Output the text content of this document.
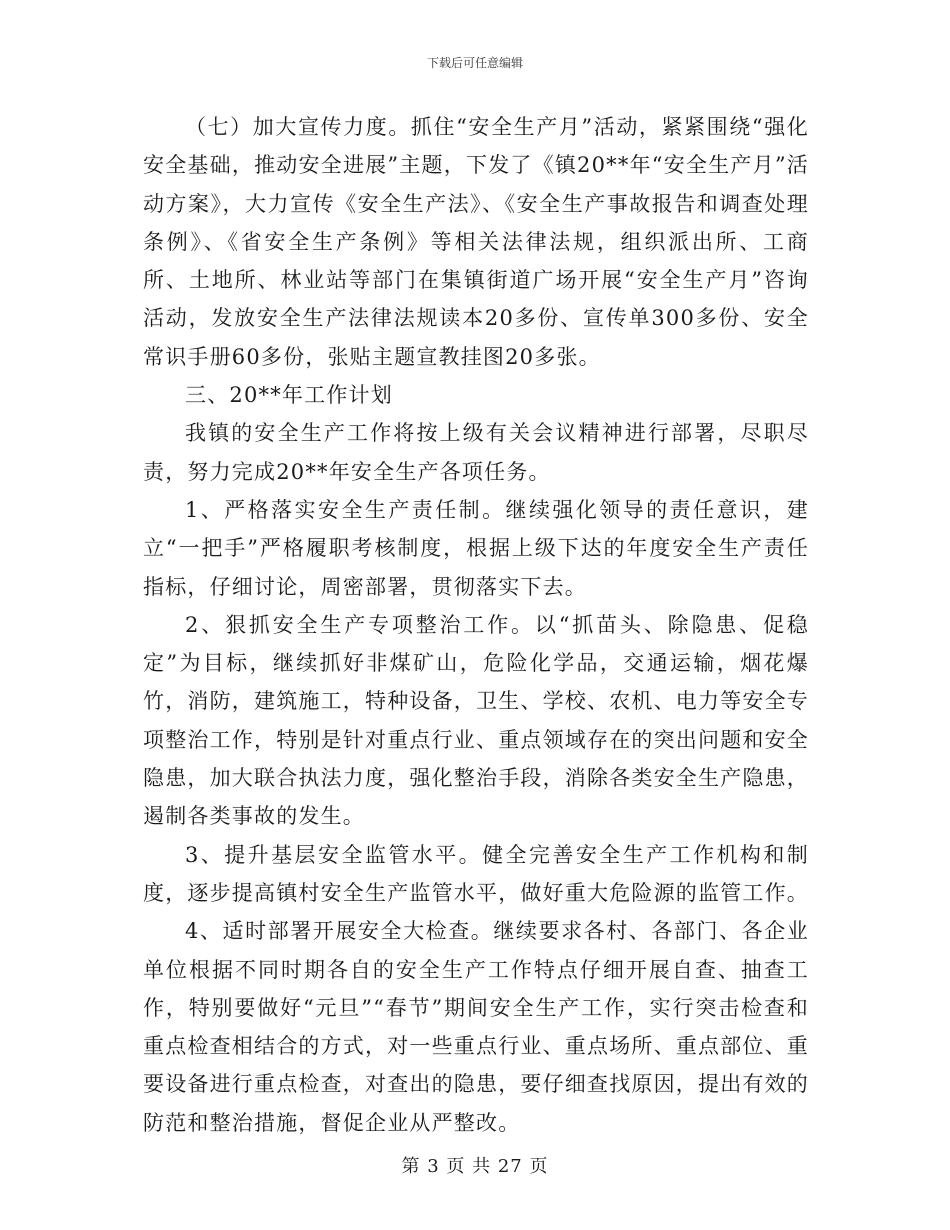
下载后可任意编辑

（七）加大宣传力度。抓住“安全生产月”活动，紧紧围绕“强化安全基础，推动安全进展”主题，下发了《镇20**年“安全生产月”活动方案》，大力宣传《安全生产法》、《安全生产事故报告和调查处理条例》、《省安全生产条例》等相关法律法规，组织派出所、工商所、土地所、林业站等部门在集镇街道广场开展“安全生产月”咨询活动，发放安全生产法律法规读本20多份、宣传单300多份、安全常识手册60多份，张贴主题宣教挂图20多张。

三、20**年工作计划

我镇的安全生产工作将按上级有关会议精神进行部署，尽职尽责，努力完成20**年安全生产各项任务。

1、严格落实安全生产责任制。继续强化领导的责任意识，建立“一把手”严格履职考核制度，根据上级下达的年度安全生产责任指标，仔细讨论，周密部署，贯彻落实下去。

2、狠抓安全生产专项整治工作。以“抓苗头、除隐患、促稳定”为目标，继续抓好非煤矿山，危险化学品，交通运输，烟花爆竹，消防，建筑施工，特种设备，卫生、学校、农机、电力等安全专项整治工作，特别是针对重点行业、重点领域存在的突出问题和安全隐患，加大联合执法力度，强化整治手段，消除各类安全生产隐患，遏制各类事故的发生。

3、提升基层安全监管水平。健全完善安全生产工作机构和制度，逐步提高镇村安全生产监管水平，做好重大危险源的监管工作。

4、适时部署开展安全大检查。继续要求各村、各部门、各企业单位根据不同时期各自的安全生产工作特点仔细开展自查、抽查工作，特别要做好“元旦”“春节”期间安全生产工作，实行突击检查和重点检查相结合的方式，对一些重点行业、重点场所、重点部位、重要设备进行重点检查，对查出的隐患，要仔细查找原因，提出有效的防范和整治措施，督促企业从严整改。

第 3 页 共 27 页
